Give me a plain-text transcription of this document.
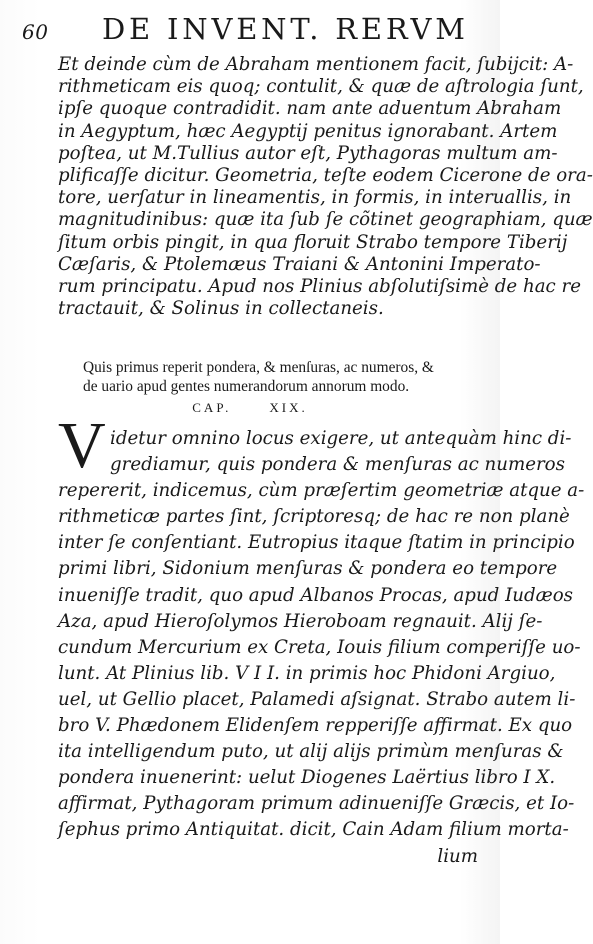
60 DE INVENT. RERVM
Et deinde cùm de Abraham mentionem facit, ſubijcit: A-
rithmeticam eis quoq; contulit, & quæ de aſtrologia ſunt,
ipſe quoque contradidit. nam ante aduentum Abraham
in Aegyptum, hæc Aegyptij penitus ignorabant. Artem
poſtea, ut M.Tullius autor eſt, Pythagoras multum am-
plificaſſe dicitur. Geometria, teſte eodem Cicerone de ora-
tore, uerſatur in lineamentis, in formis, in interuallis, in
magnitudinibus: quæ ita ſub ſe cõtinet geographiam, quæ
ſitum orbis pingit, in qua floruit Strabo tempore Tiberij
Cæſaris, & Ptolemæus Traiani & Antonini Imperato-
rum principatu. Apud nos Plinius abſolutiſsimè de hac re
tractauit, & Solinus in collectaneis.
Quis primus reperit pondera, & menſuras, ac numeros, &
de uario apud gentes numerandorum annorum modo.
CAP.	XIX.
V idetur omnino locus exigere, ut antequàm hinc di-
grediamur, quis pondera & menſuras ac numeros
repererit, indicemus, cùm præſertim geometriæ atque a-
rithmeticæ partes ſint, ſcriptoresq; de hac re non planè
inter ſe conſentiant. Eutropius itaque ſtatim in principio
primi libri, Sidonium menſuras & pondera eo tempore
inueniſſe tradit, quo apud Albanos Procas, apud Iudæos
Aza, apud Hieroſolymos Hieroboam regnauit. Alij ſe-
cundum Mercurium ex Creta, Iouis filium comperiſſe uo-
lunt. At Plinius lib. V I I. in primis hoc Phidoni Argiuo,
uel, ut Gellio placet, Palamedi aſsignat. Strabo autem li-
bro V. Phædonem Elidenſem repperiſſe affirmat. Ex quo
ita intelligendum puto, ut alij alijs primùm menſuras &
pondera inuenerint: uelut Diogenes Laërtius libro I X.
affirmat, Pythagoram primum adinueniſſe Græcis, et Io-
ſephus primo Antiquitat. dicit, Cain Adam filium morta-
lium
